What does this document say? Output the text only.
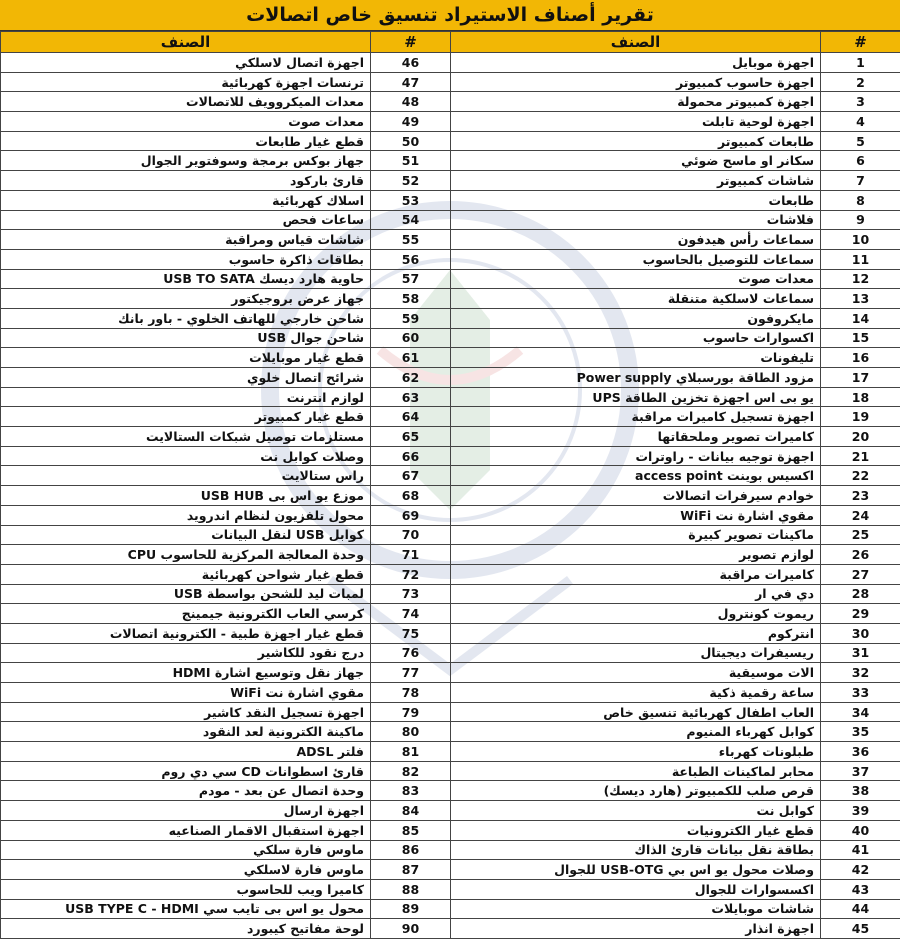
تقرير أصناف الاستيراد تنسيق خاص اتصالات
الصنف	#	الصنف	#
اجهزة اتصال لاسلكي	46	اجهزة موبايل	1
ترنسات اجهزة كهربائية	47	اجهزة حاسوب كمبيوتر	2
معدات الميكروويف للاتصالات	48	اجهزة كمبيوتر محمولة	3
معدات صوت	49	اجهزة لوحية تابلت	4
قطع غيار طابعات	50	طابعات كمبيوتر	5
جهاز بوكس برمجة وسوفتوير الجوال	51	سكانر او ماسح ضوئي	6
قارئ باركود	52	شاشات كمبيوتر	7
اسلاك كهربائية	53	طابعات	8
ساعات فحص	54	فلاشات	9
شاشات قياس ومراقبة	55	سماعات رأس هيدفون	10
بطاقات ذاكرة حاسوب	56	سماعات للتوصيل بالحاسوب	11
حاوية هارد ديسك USB TO SATA	57	معدات صوت	12
جهاز عرض بروجيكتور	58	سماعات لاسلكية متنقلة	13
شاحن خارجي للهاتف الخلوي - باور بانك	59	مايكروفون	14
شاحن جوال USB	60	اكسوارات حاسوب	15
قطع غيار موبايلات	61	تليفونات	16
شرائح اتصال خلوي	62	مزود الطاقة بورسبلاي Power supply	17
لوازم انترنت	63	يو بى اس اجهزة تخزين الطاقة UPS	18
قطع غيار كمبيوتر	64	اجهزة تسجيل كاميرات مراقبة	19
مستلزمات توصيل شبكات الستالايت	65	كاميرات تصوير وملحقاتها	20
وصلات كوابل نت	66	اجهزة توجيه بيانات - راوترات	21
راس ستالايت	67	اكسيس بوينت access point	22
موزع يو اس بى USB HUB	68	خوادم سيرفرات اتصالات	23
محول تلفزيون لنظام اندرويد	69	مقوي اشارة نت WiFi	24
كوابل USB لنقل البيانات	70	ماكينات تصوير كبيرة	25
وحدة المعالجة المركزية للحاسوب CPU	71	لوازم تصوير	26
قطع غيار شواحن كهربائية	72	كاميرات مراقبة	27
لمبات ليد للشحن بواسطة USB	73	دي في ار	28
كرسي العاب الكترونية جيمينج	74	ريموت كونترول	29
قطع غيار اجهزة طبية - الكترونية اتصالات	75	انتركوم	30
درج نقود للكاشير	76	ريسيفرات ديجيتال	31
جهاز نقل وتوسيع اشارة HDMI	77	الات موسيقية	32
مقوي اشارة نت WiFi	78	ساعة رقمية ذكية	33
اجهزة تسجيل النقد كاشير	79	العاب اطفال كهربائية تنسيق خاص	34
ماكينة الكترونية لعد النقود	80	كوابل كهرباء المنيوم	35
فلتر ADSL	81	طبلونات كهرباء	36
قارئ اسطوانات CD سي دي روم	82	محابر لماكينات الطباعة	37
وحدة اتصال عن بعد - مودم	83	قرص صلب للكمبيوتر (هارد ديسك)	38
اجهزة ارسال	84	كوابل نت	39
اجهزة استقبال الاقمار الصناعيه	85	قطع غيار الكترونيات	40
ماوس فارة سلكي	86	بطاقة نقل بيانات قارئ الذاك	41
ماوس فارة لاسلكي	87	وصلات محول يو اس بي USB-OTG للجوال	42
كاميرا ويب للحاسوب	88	اكسسوارات للجوال	43
محول يو اس بى تايب سي USB TYPE C - HDMI	89	شاشات موبايلات	44
لوحة مفاتيح كيبورد	90	اجهزة انذار	45
